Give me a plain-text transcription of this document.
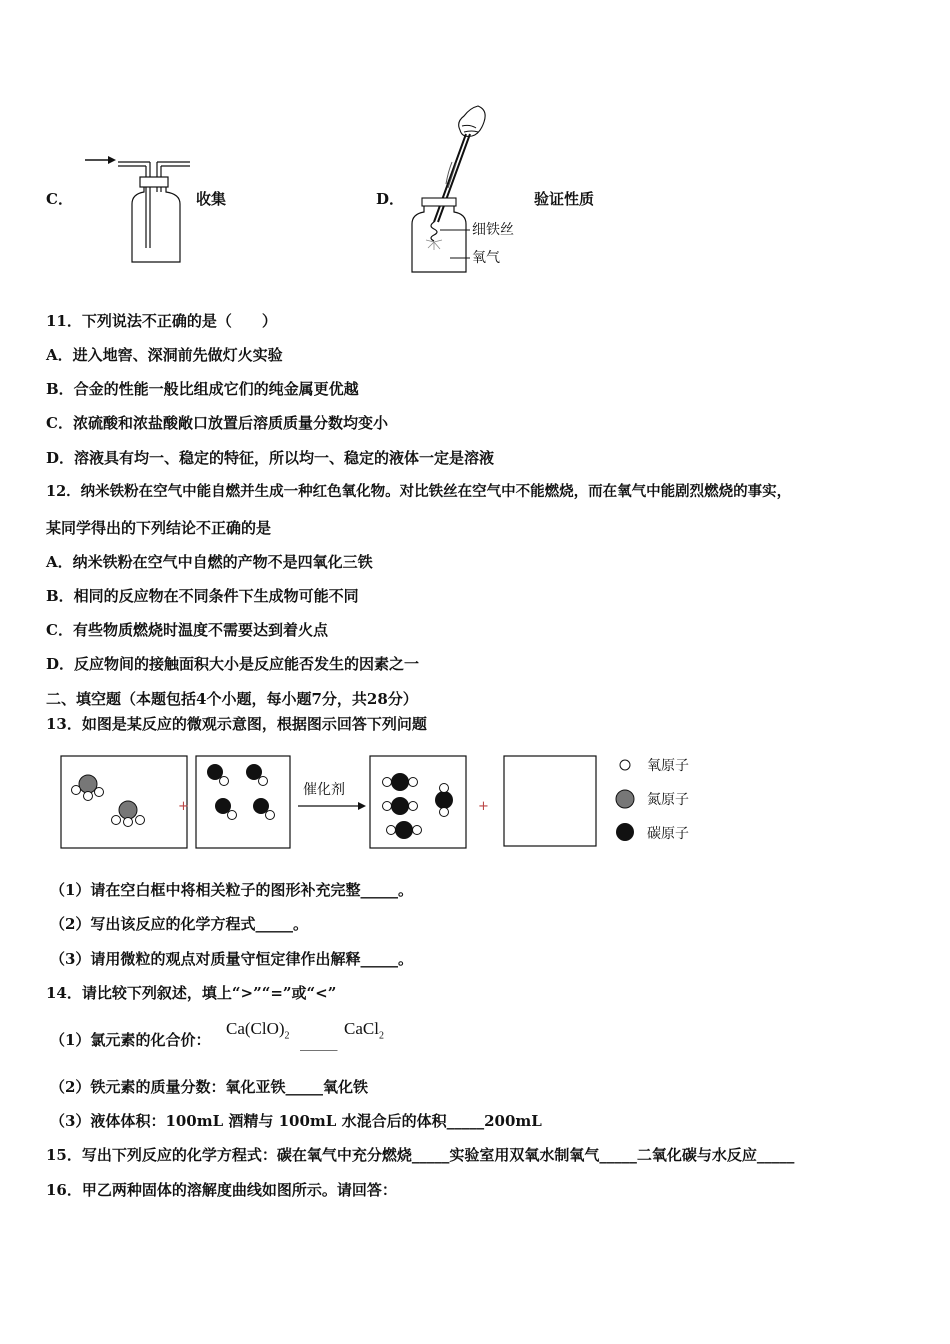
C．	收集	D．
细铁丝
氧气
验证性质
11．下列说法不正确的是（　　）
A．进入地窖、深洞前先做灯火实验
B．合金的性能一般比组成它们的纯金属更优越
C．浓硫酸和浓盐酸敞口放置后溶质质量分数均变小
D．溶液具有均一、稳定的特征，所以均一、稳定的液体一定是溶液
12．纳米铁粉在空气中能自燃并生成一种红色氧化物。对比铁丝在空气中不能燃烧，而在氧气中能剧烈燃烧的事实，
某同学得出的下列结论不正确的是
A．纳米铁粉在空气中自燃的产物不是四氧化三铁
B．相同的反应物在不同条件下生成物可能不同
C．有些物质燃烧时温度不需要达到着火点
D．反应物间的接触面积大小是反应能否发生的因素之一
二、填空题（本题包括4个小题，每小题7分，共28分）
13．如图是某反应的微观示意图，根据图示回答下列问题
+	+
催化剂
氧原子
氮原子
碳原子
（1）请在空白框中将相关粒子的图形补充完整_____。
（2）写出该反应的化学方程式_____。
（3）请用微粒的观点对质量守恒定律作出解释_____。
14．请比较下列叙述，填上“>”“=”或“<”
（1）氯元素的化合价：
$Ca(ClO)_2$ _____
CaCl$_2$
（2）铁元素的质量分数：氧化亚铁_____氧化铁
（3）液体体积：100mL 酒精与 100mL 水混合后的体积_____200mL
15．写出下列反应的化学方程式：碳在氧气中充分燃烧_____实验室用双氧水制氧气_____二氧化碳与水反应_____
16．甲乙两种固体的溶解度曲线如图所示。请回答：
